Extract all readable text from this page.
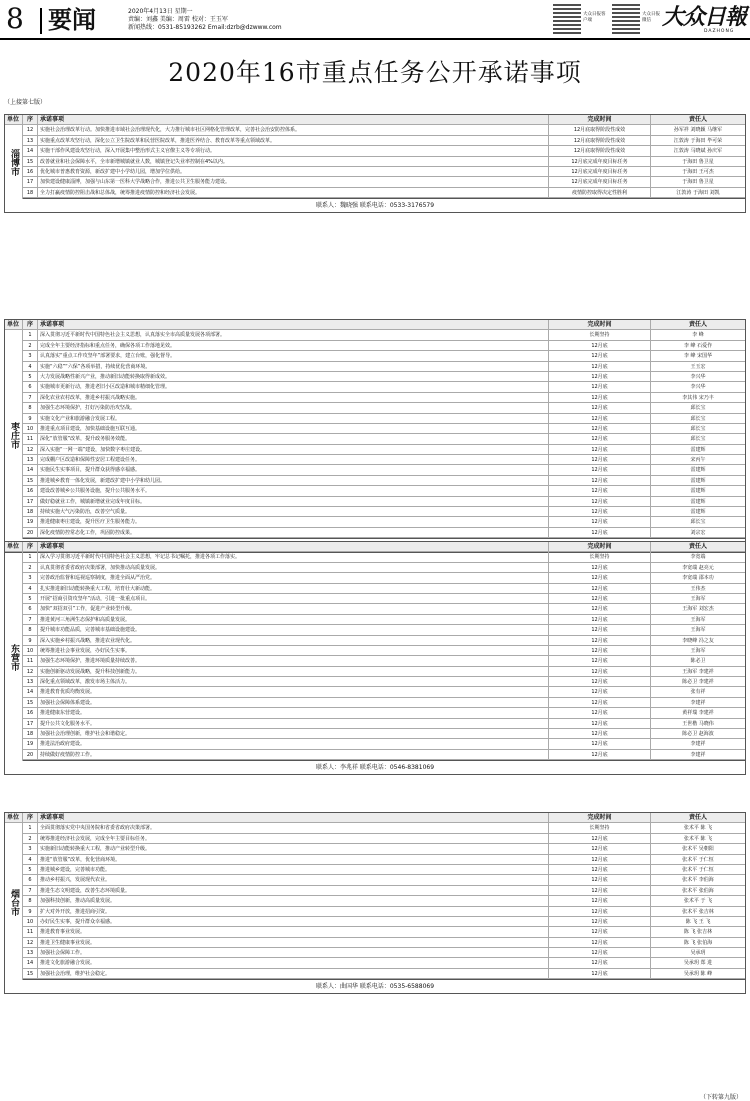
8 要闻	2020年4月13日 星期一
责编：刘鑫 美编：周雷 校对：王玉军
新闻热线：0531-85193262 Email:dzrb@dzwww.com
大众日报客户端
大众日报微信 大众日報
DAZHONG
2020年16市重点任务公开承诺事项
（上接第七版）
单位	序	承诺事项	完成时间	责任人
12	实施社会治理改革行动。加快推进市域社会治理现代化，大力推行城市社区网格化管理改革，完善社会治安防控体系。	12月底取得阶段性成效	孙军祥 刘晓颖 马继军
13	实施重点改革攻坚行动，深化公立卫生院改革和民营医院改革，推进医养结合、教育改革等重点领域改革。	12月底取得阶段性成效	江敦涛 于海田 毕可荣
14	实施干部作风建设攻坚行动，深入开展集中整治形式主义官僚主义等专项行动。	12月底取得阶段性成效	江敦涛 马晓斌 孙庆军
15	改善就业和社会保障水平，全市新增城镇就业人数，城镇登记失业率控制在4%以内。	12月底完成年度目标任务	于海田 鲁卫星
16	优化城市普惠教育资源，新改扩建中小学幼儿园，增加学位供给。	12月底完成年度目标任务	于海田 王可杰
17	加快建设健康淄博，加强与山东第一医科大学战略合作，推进公共卫生服务能力建设。	12月底完成年度目标任务	于海田 鲁卫星
18	全力打赢疫情防控阻击战和总体战，统筹推进疫情防控和经济社会发展。	疫情防控取得决定性胜利	江敦涛 于海田 刘凯
淄博市
联系人：魏晓强 联系电话：0533-3176579
单位	序	承诺事项	完成时间	责任人
1	深入贯彻习近平新时代中国特色社会主义思想，认真落实全市高质量发展各项部署。	长期坚持	李 峰
2	完成全年主要经济指标和重点任务，确保各项工作落地见效。	12月底	李 峰 石爱作
3	认真落实“重点工作攻坚年”部署要求，建立台账，强化督导。	12月底	李 峰 宋国华
4	实施“六稳”“六保”各项举措，持续优化营商环境。	12月底	王玉宏
5	大力发展战略性新兴产业，推动新旧动能转换取得新成效。	12月底	李兴华
6	实施城市更新行动，推进老旧小区改造和城市精细化管理。	12月底	李兴华
7	深化农业农村改革，推进乡村振兴战略实施。	12月底	李其伟 宋乃丰
8	加强生态环境保护，打好污染防治攻坚战。	12月底	邱长宝
9	实施文化产业和旅游融合发展工程。	12月底	邱长宝
10	推进重点项目建设，加快基础设施互联互通。	12月底	邱长宝
11	深化“放管服”改革，提升政务服务效能。	12月底	邱长宝
12	深入实施“一网一端”建设，加快数字枣庄建设。	12月底	雷建辉
13	完成棚户区改造和保障性安居工程建设任务。	12月底	宋丙午
14	实施民生实事项目，提升群众获得感幸福感。	12月底	雷建辉
15	推进城乡教育一体化发展，新建改扩建中小学和幼儿园。	12月底	雷建辉
16	建设改善城乡公共服务设施，提升公共服务水平。	12月底	雷建辉
17	做好稳就业工作，城镇新增就业完成年度目标。	12月底	雷建辉
18	持续实施大气污染防治，改善空气质量。	12月底	雷建辉
19	推进健康枣庄建设，提升医疗卫生服务能力。	12月底	邱长宝
20	深化疫情防控常态化工作，巩固防控成果。	12月底	刘宗宏
枣庄市
单位	序	承诺事项	完成时间	责任人
1	深入学习贯彻习近平新时代中国特色社会主义思想，牢记总书记嘱托，推进各项工作落实。	长期坚持	李宽端
2	认真贯彻省委省政府决策部署，加快推动高质量发展。	12月底	李宽端 赵亮元
3	完善政治监督和巡视巡察制度，推进全面从严治党。	12月底	李宽端 邵本功
4	扎实推进新旧动能转换重大工程，培育壮大新动能。	12月底	王伟杰
5	开展“招商引资攻坚年”活动，引进一批重点项目。	12月底	王海军
6	加快“双招双引”工作，促进产业转型升级。	12月底	王海军 刘宏杰
7	推进黄河三角洲生态保护和高质量发展。	12月底	王海军
8	提升城市功能品质，完善城市基础设施建设。	12月底	王海军
9	深入实施乡村振兴战略，推进农业现代化。	12月底	李晓峰 冯之友
10	统筹推进社会事业发展，办好民生实事。	12月底	王海军
11	加强生态环境保护，推进环境质量持续改善。	12月底	陈必卫
12	实施创新驱动发展战略，提升科技创新能力。	12月底	王海军 李建祥
13	深化重点领域改革，激发市场主体活力。	12月底	陈必卫 李建祥
14	推进教育优质均衡发展。	12月底	张有祥
15	加强社会保障体系建设。	12月底	李建祥
16	推进健康东营建设。	12月底	黄祥瑞 李建祥
17	提升公共文化服务水平。	12月底	王世楷 马晓伟
18	加强社会治理创新，维护社会和谐稳定。	12月底	陈必卫 赵海波
19	推进法治政府建设。	12月底	李建祥
20	持续做好疫情防控工作。	12月底	李建祥
东营市
联系人：李兆祥 联系电话：0546-8381069
单位	序	承诺事项	完成时间	责任人
1	全面贯彻落实党中央国务院和省委省政府决策部署。	长期坚持	张术平 陈 飞
2	统筹推进经济社会发展，完成全年主要目标任务。	12月底	张术平 陈 飞
3	实施新旧动能转换重大工程，推动产业转型升级。	12月底	张术平 吴朝阳
4	推进“放管服”改革，优化营商环境。	12月底	张术平 于仁恒
5	推进城乡建设，完善城市功能。	12月底	张术平 于仁恒
6	推动乡村振兴，发展现代农业。	12月底	张术平 李伯海
7	推进生态文明建设，改善生态环境质量。	12月底	张术平 张伯海
8	加强科技创新，推动高质量发展。	12月底	张术平 于 飞
9	扩大对外开放，推进招商引资。	12月底	张术平 张吉林
10	办好民生实事，提升群众幸福感。	12月底	陈 飞 王 飞
11	推进教育事业发展。	12月底	陈 飞 张吉林
12	推进卫生健康事业发展。	12月底	陈 飞 张伯海
13	加强社会保障工作。	12月底	吴承玥
14	推进文化旅游融合发展。	12月底	吴承玥 郑 进
15	加强社会治理，维护社会稳定。	12月底	吴承玥 陈 峰
烟台市
联系人：曲国华 联系电话：0535-6588069
（下转第九版）
